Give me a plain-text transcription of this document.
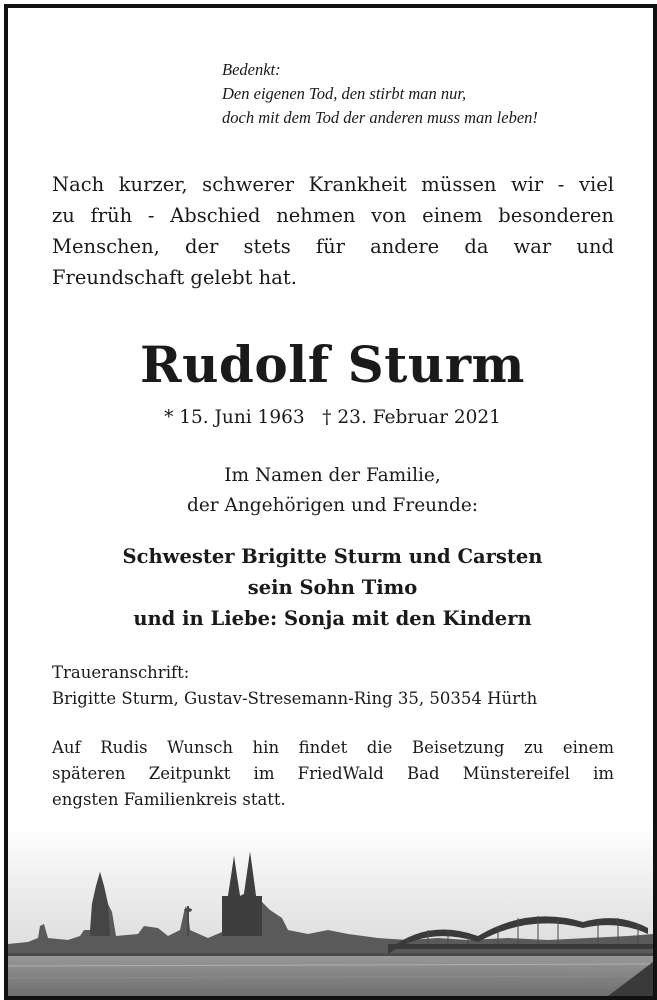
Bedenkt:
Den eigenen Tod, den stirbt man nur,
doch mit dem Tod der anderen muss man leben!
Nach kurzer, schwerer Krankheit müssen wir - viel
zu früh - Abschied nehmen von einem besonderen
Menschen, der stets für andere da war und
Freundschaft gelebt hat.
Rudolf Sturm
* 15. Juni 1963   † 23. Februar 2021
Im Namen der Familie,
der Angehörigen und Freunde:
Schwester Brigitte Sturm und Carsten
sein Sohn Timo
und in Liebe: Sonja mit den Kindern
Traueranschrift:
Brigitte Sturm, Gustav-Stresemann-Ring 35, 50354 Hürth
Auf Rudis Wunsch hin findet die Beisetzung zu einem
späteren Zeitpunkt im FriedWald Bad Münstereifel im
engsten Familienkreis statt.
